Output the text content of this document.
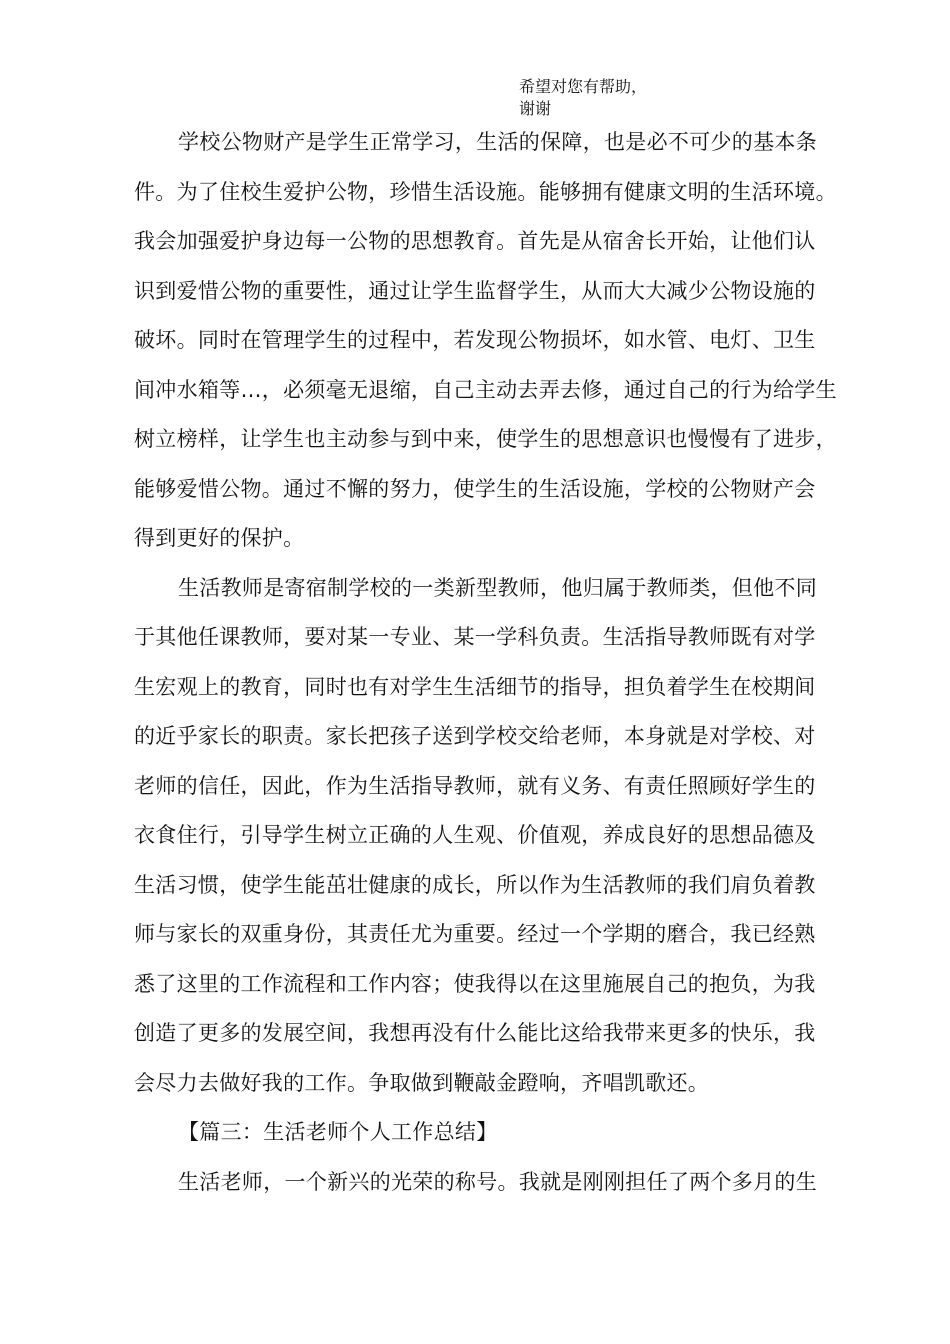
希望对您有帮助，
谢谢
学校公物财产是学生正常学习，生活的保障，也是必不可少的基本条
件。为了住校生爱护公物，珍惜生活设施。能够拥有健康文明的生活环境。
我会加强爱护身边每一公物的思想教育。首先是从宿舍长开始，让他们认
识到爱惜公物的重要性，通过让学生监督学生，从而大大减少公物设施的
破坏。同时在管理学生的过程中，若发现公物损坏，如水管、电灯、卫生
间冲水箱等…，必须毫无退缩，自己主动去弄去修，通过自己的行为给学生
树立榜样，让学生也主动参与到中来，使学生的思想意识也慢慢有了进步，
能够爱惜公物。通过不懈的努力，使学生的生活设施，学校的公物财产会
得到更好的保护。
生活教师是寄宿制学校的一类新型教师，他归属于教师类，但他不同
于其他任课教师，要对某一专业、某一学科负责。生活指导教师既有对学
生宏观上的教育，同时也有对学生生活细节的指导，担负着学生在校期间
的近乎家长的职责。家长把孩子送到学校交给老师，本身就是对学校、对
老师的信任，因此，作为生活指导教师，就有义务、有责任照顾好学生的
衣食住行，引导学生树立正确的人生观、价值观，养成良好的思想品德及
生活习惯，使学生能茁壮健康的成长，所以作为生活教师的我们肩负着教
师与家长的双重身份，其责任尤为重要。经过一个学期的磨合，我已经熟
悉了这里的工作流程和工作内容；使我得以在这里施展自己的抱负，为我
创造了更多的发展空间，我想再没有什么能比这给我带来更多的快乐，我
会尽力去做好我的工作。争取做到鞭敲金蹬响，齐唱凯歌还。
【篇三：生活老师个人工作总结】
生活老师，一个新兴的光荣的称号。我就是刚刚担任了两个多月的生
